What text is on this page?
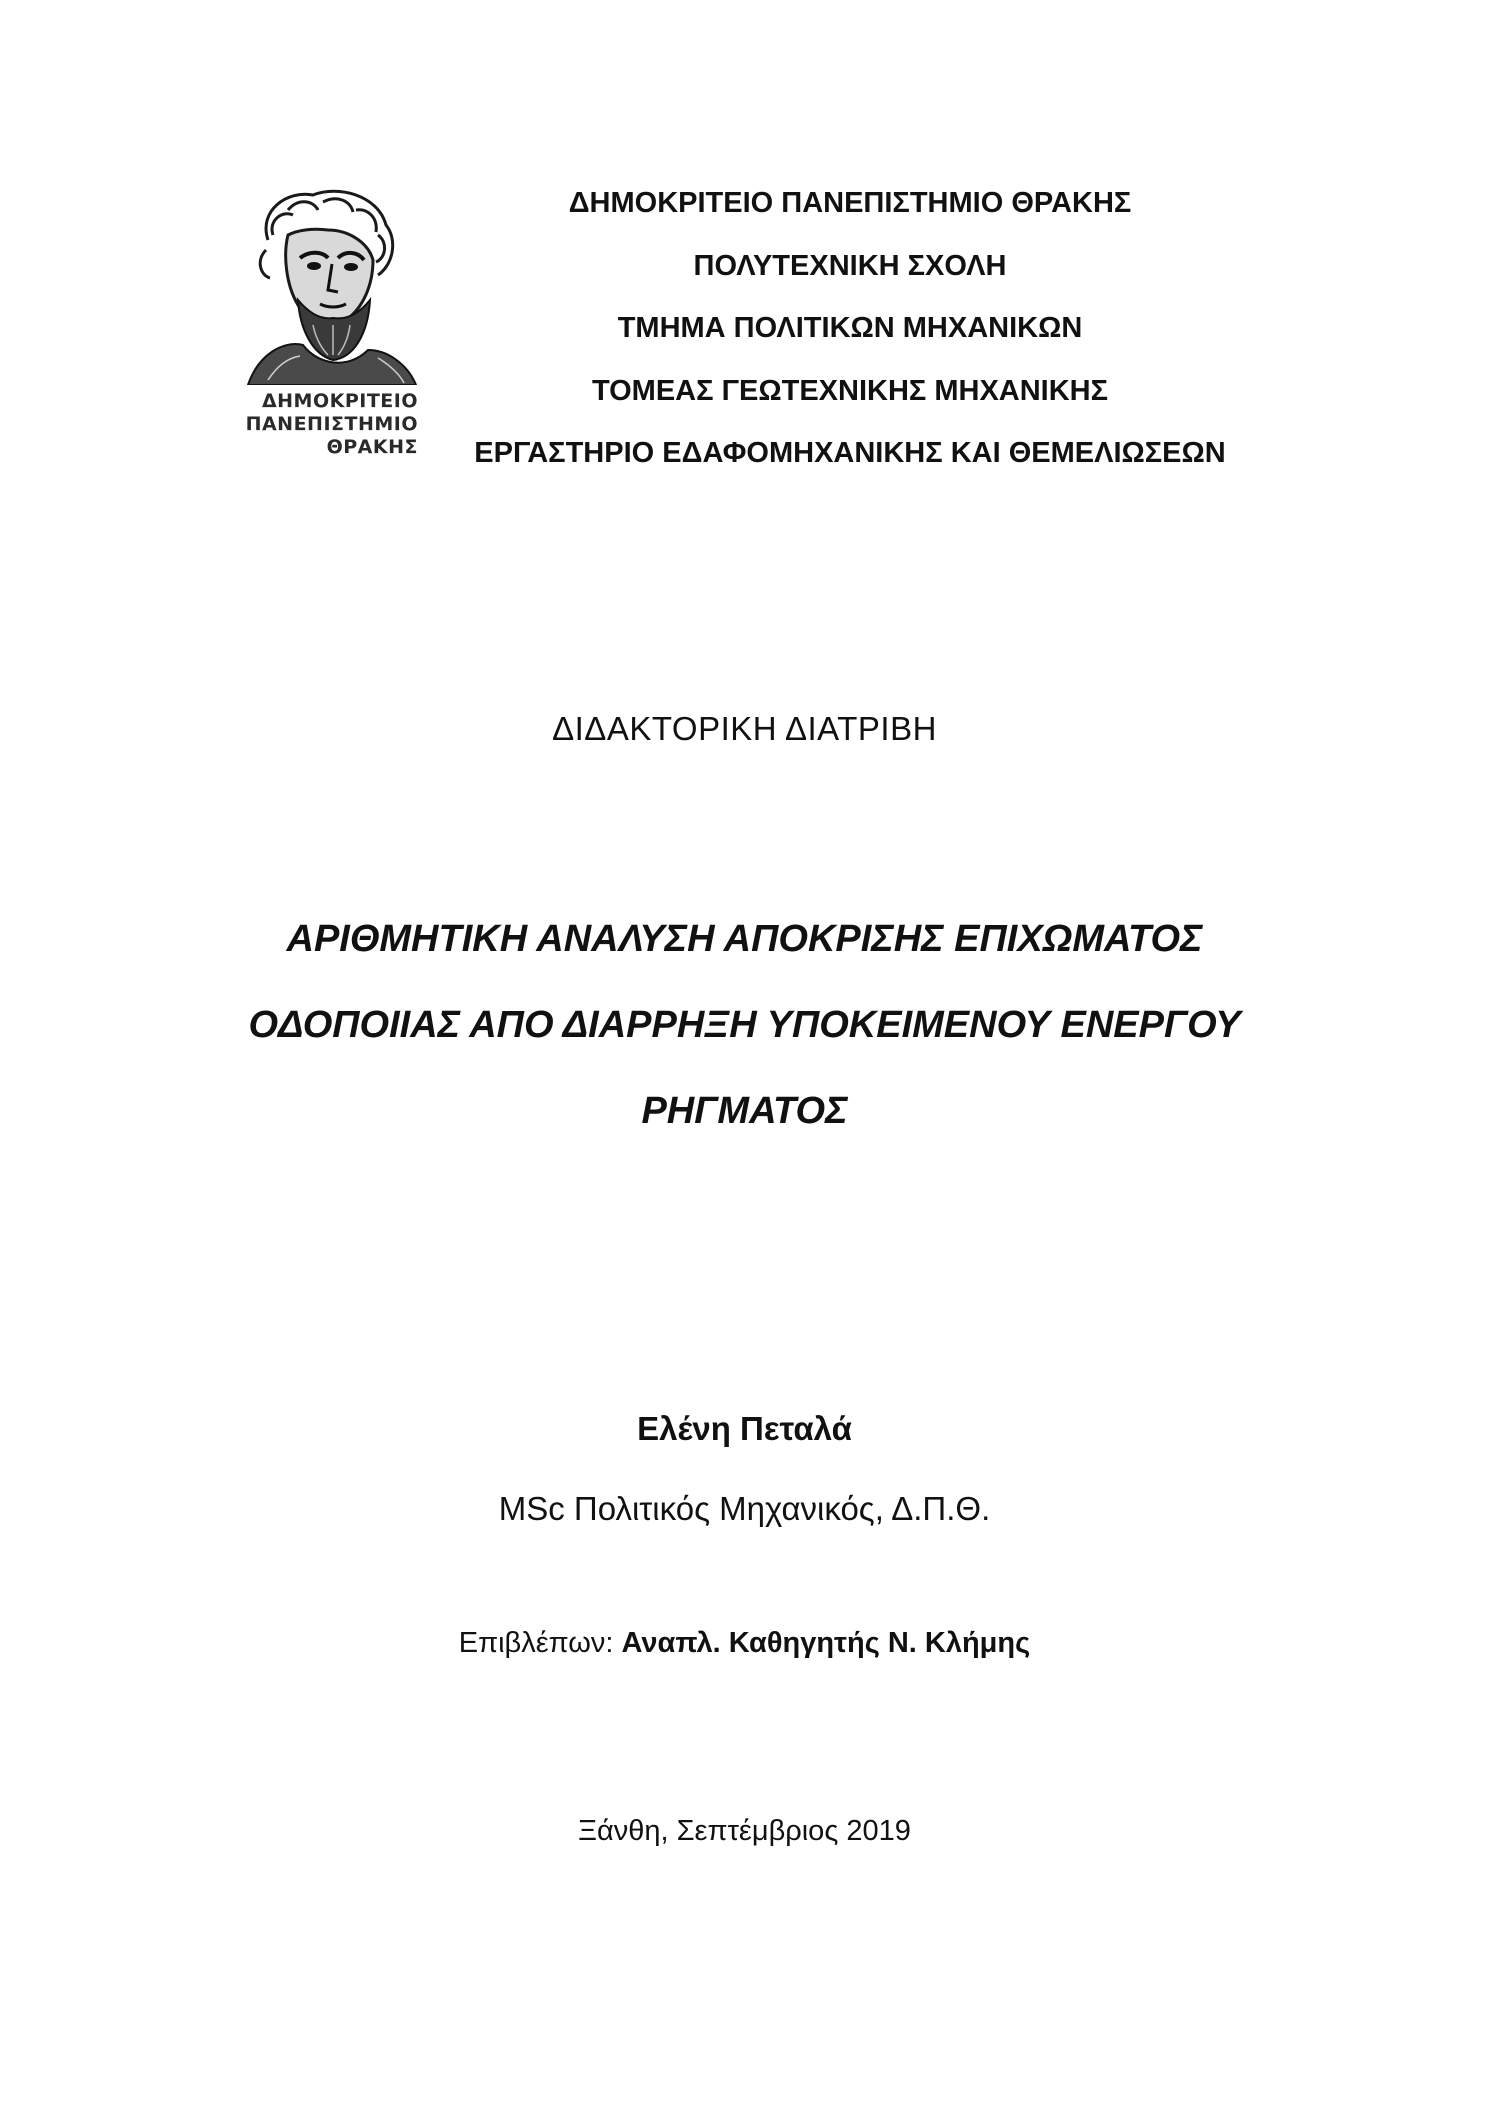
ΔΗΜΟΚΡΙΤΕΙΟ
ΠΑΝΕΠΙΣΤΗΜΙΟ
ΘΡΑΚΗΣ
ΔΗΜΟΚΡΙΤΕΙΟ ΠΑΝΕΠΙΣΤΗΜΙΟ ΘΡΑΚΗΣ
ΠΟΛΥΤΕΧΝΙΚΗ ΣΧΟΛΗ
ΤΜΗΜΑ ΠΟΛΙΤΙΚΩΝ ΜΗΧΑΝΙΚΩΝ
ΤΟΜΕΑΣ ΓΕΩΤΕΧΝΙΚΗΣ ΜΗΧΑΝΙΚΗΣ
ΕΡΓΑΣΤΗΡΙΟ ΕΔΑΦΟΜΗΧΑΝΙΚΗΣ ΚΑΙ ΘΕΜΕΛΙΩΣΕΩΝ
ΔΙΔΑΚΤΟΡΙΚΗ ΔΙΑΤΡΙΒΗ
ΑΡΙΘΜΗΤΙΚΗ ΑΝΑΛΥΣΗ ΑΠΟΚΡΙΣΗΣ ΕΠΙΧΩΜΑΤΟΣ
ΟΔΟΠΟΙΙΑΣ ΑΠΟ ΔΙΑΡΡΗΞΗ ΥΠΟΚΕΙΜΕΝΟΥ ΕΝΕΡΓΟΥ
ΡΗΓΜΑΤΟΣ
Ελένη Πεταλά
MSc Πολιτικός Μηχανικός, Δ.Π.Θ.
Επιβλέπων: Αναπλ. Καθηγητής Ν. Κλήμης
Ξάνθη, Σεπτέμβριος 2019
